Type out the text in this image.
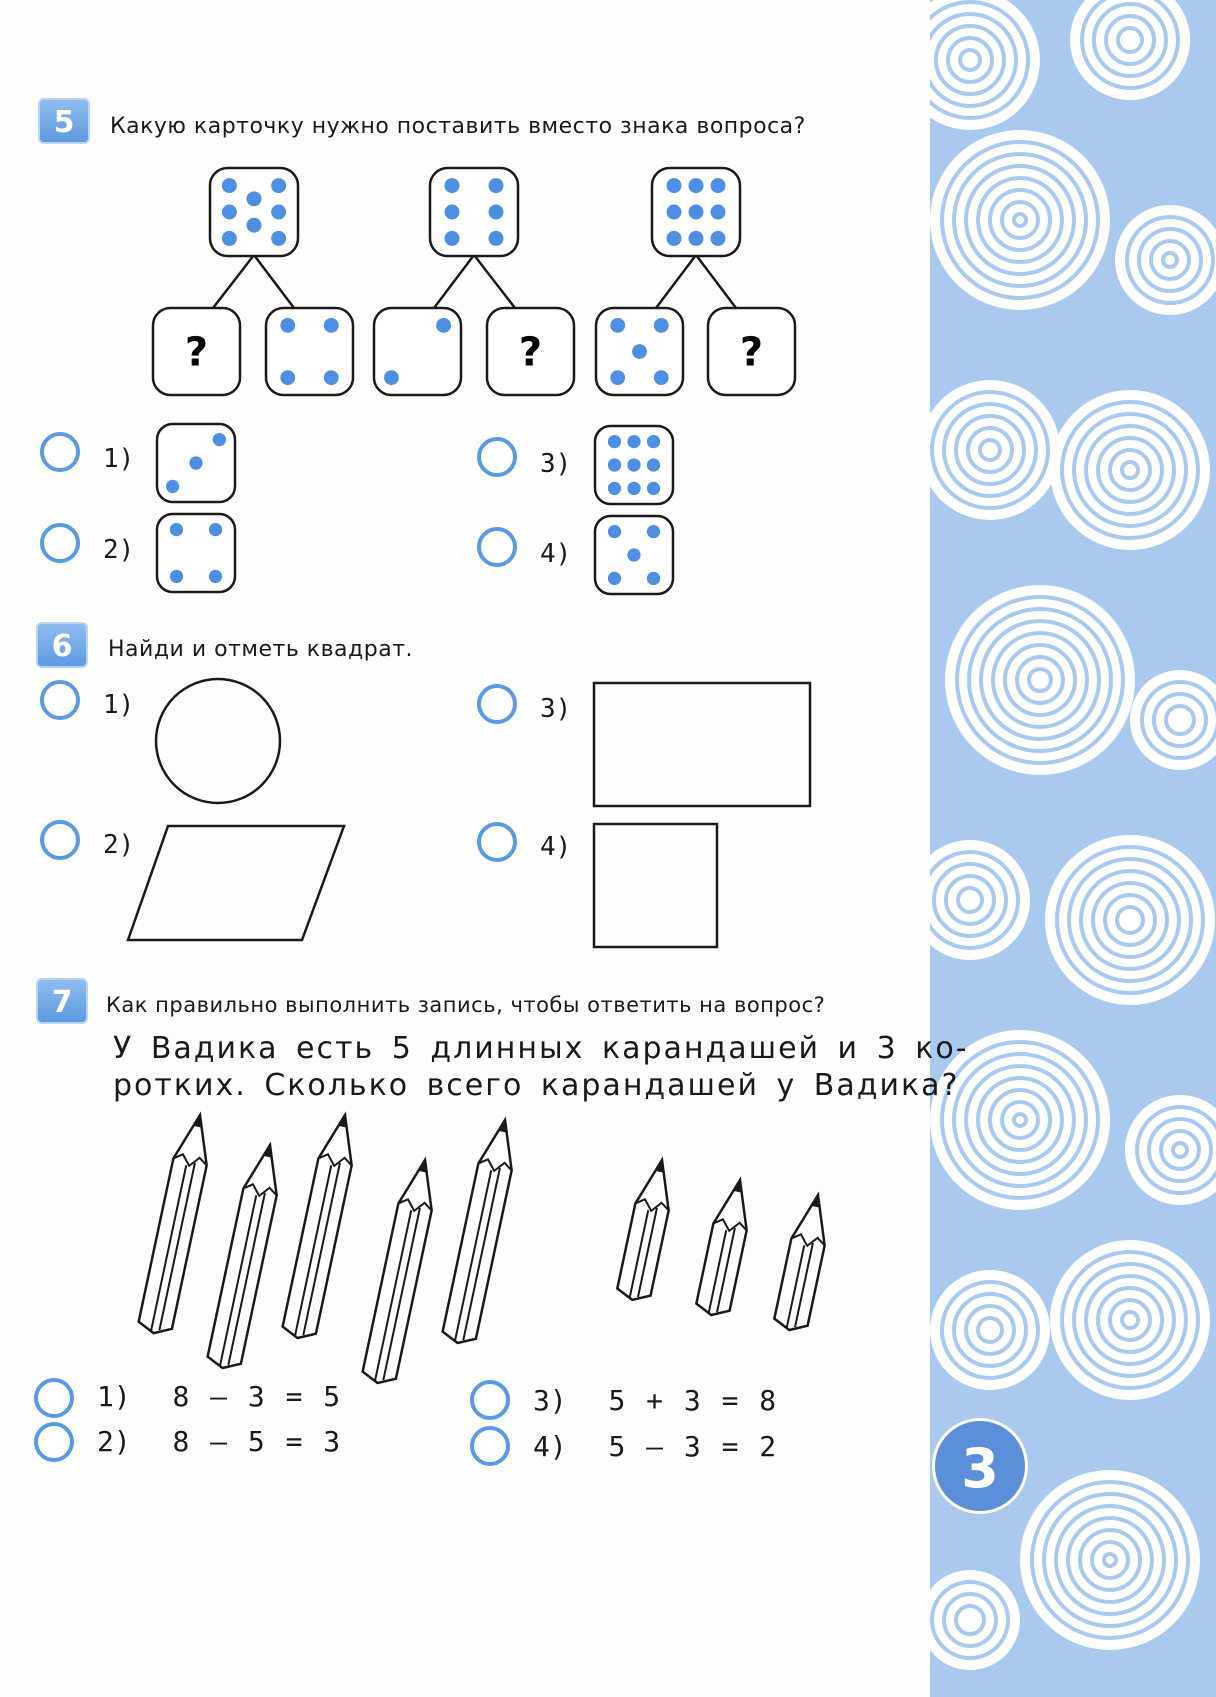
5	Какую карточку нужно поставить вместо знака вопроса?
?	?	?
1)
2)
3)
4)
6	Найди и отметь квадрат.
1)
2)
3)
4)
7	Как правильно выполнить запись, чтобы ответить на вопрос?
У Вадика есть 5 длинных карандашей и 3 ко-
ротких. Сколько всего карандашей у Вадика?
1) 8 – 3 = 5
2) 8 – 5 = 3
3) 5 + 3 = 8
4) 5 – 3 = 2	3
